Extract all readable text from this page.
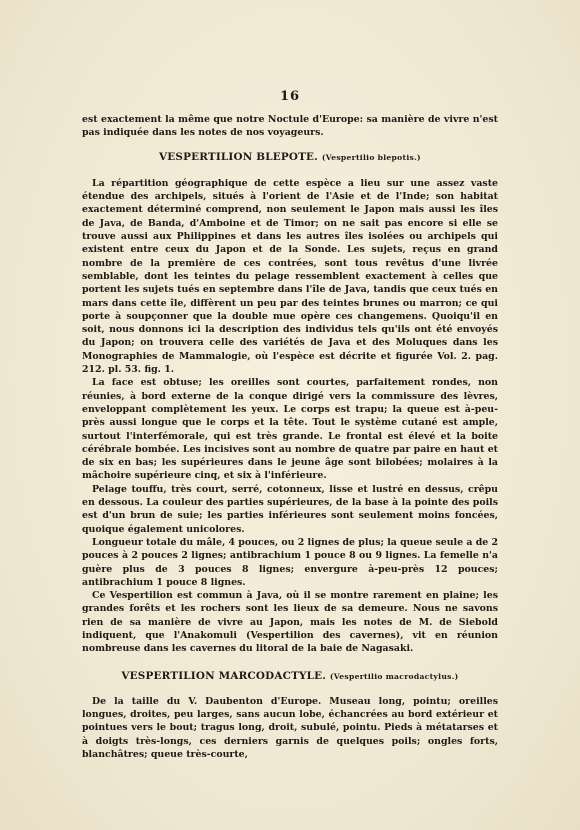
16

est exactement la même que notre Noctule d'Europe: sa manière de vivre n'est pas indiquée dans les notes de nos voyageurs.

VESPERTILION BLEPOTE. (Vespertilio blepotis.)

La répartition géographique de cette espèce a lieu sur une assez vaste étendue des archipels, situés à l'orient de l'Asie et de l'Inde; son habitat exactement déterminé comprend, non seulement le Japon mais aussi les îles de Java, de Banda, d'Amboine et de Timor; on ne sait pas encore si elle se trouve aussi aux Philippines et dans les autres îles isolées ou archipels qui existent entre ceux du Japon et de la Sonde. Les sujets, reçus en grand nombre de la première de ces contrées, sont tous revêtus d'une livrée semblable, dont les teintes du pelage ressemblent exactement à celles que portent les sujets tués en septembre dans l'île de Java, tandis que ceux tués en mars dans cette île, diffèrent un peu par des teintes brunes ou marron; ce qui porte à soupçonner que la double mue opère ces changemens. Quoiqu'il en soit, nous donnons ici la description des individus tels qu'ils ont été envoyés du Japon; on trouvera celle des variétés de Java et des Moluques dans les Monographies de Mammalogie, où l'espèce est décrite et figurée Vol. 2. pag. 212. pl. 53. fig. 1.

La face est obtuse; les oreilles sont courtes, parfaitement rondes, non réunies, à bord externe de la conque dirigé vers la commissure des lèvres, enveloppant complètement les yeux. Le corps est trapu; la queue est à-peu-près aussi longue que le corps et la tête. Tout le système cutané est ample, surtout l'interfémorale, qui est très grande. Le frontal est élevé et la boite cérébrale bombée. Les incisives sont au nombre de quatre par paire en haut et de six en bas; les supérieures dans le jeune âge sont bilobées; molaires à la mâchoire supérieure cinq, et six à l'inférieure.

Pelage touffu, très court, serré, cotonneux, lisse et lustré en dessus, crêpu en dessous. La couleur des parties supérieures, de la base à la pointe des poils est d'un brun de suie; les parties inférieures sont seulement moins foncées, quoique également unicolores.

Longueur totale du mâle, 4 pouces, ou 2 lignes de plus; la queue seule a de 2 pouces à 2 pouces 2 lignes; antibrachium 1 pouce 8 ou 9 lignes. La femelle n'a guère plus de 3 pouces 8 lignes; envergure à-peu-près 12 pouces; antibrachium 1 pouce 8 lignes.

Ce Vespertilion est commun à Java, où il se montre rarement en plaine; les grandes forêts et les rochers sont les lieux de sa demeure. Nous ne savons rien de sa manière de vivre au Japon, mais les notes de M. de Siebold indiquent, que l'Anakomuli (Vespertilion des cavernes), vit en réunion nombreuse dans les cavernes du litoral de la baie de Nagasaki.

VESPERTILION MARCODACTYLE. (Vespertilio macrodactylus.)

De la taille du V. Daubenton d'Europe. Museau long, pointu; oreilles longues, droites, peu larges, sans aucun lobe, échancrées au bord extérieur et pointues vers le bout; tragus long, droit, subulé, pointu. Pieds à métatarses et à doigts très-longs, ces derniers garnis de quelques poils; ongles forts, blanchâtres; queue très-courte,
